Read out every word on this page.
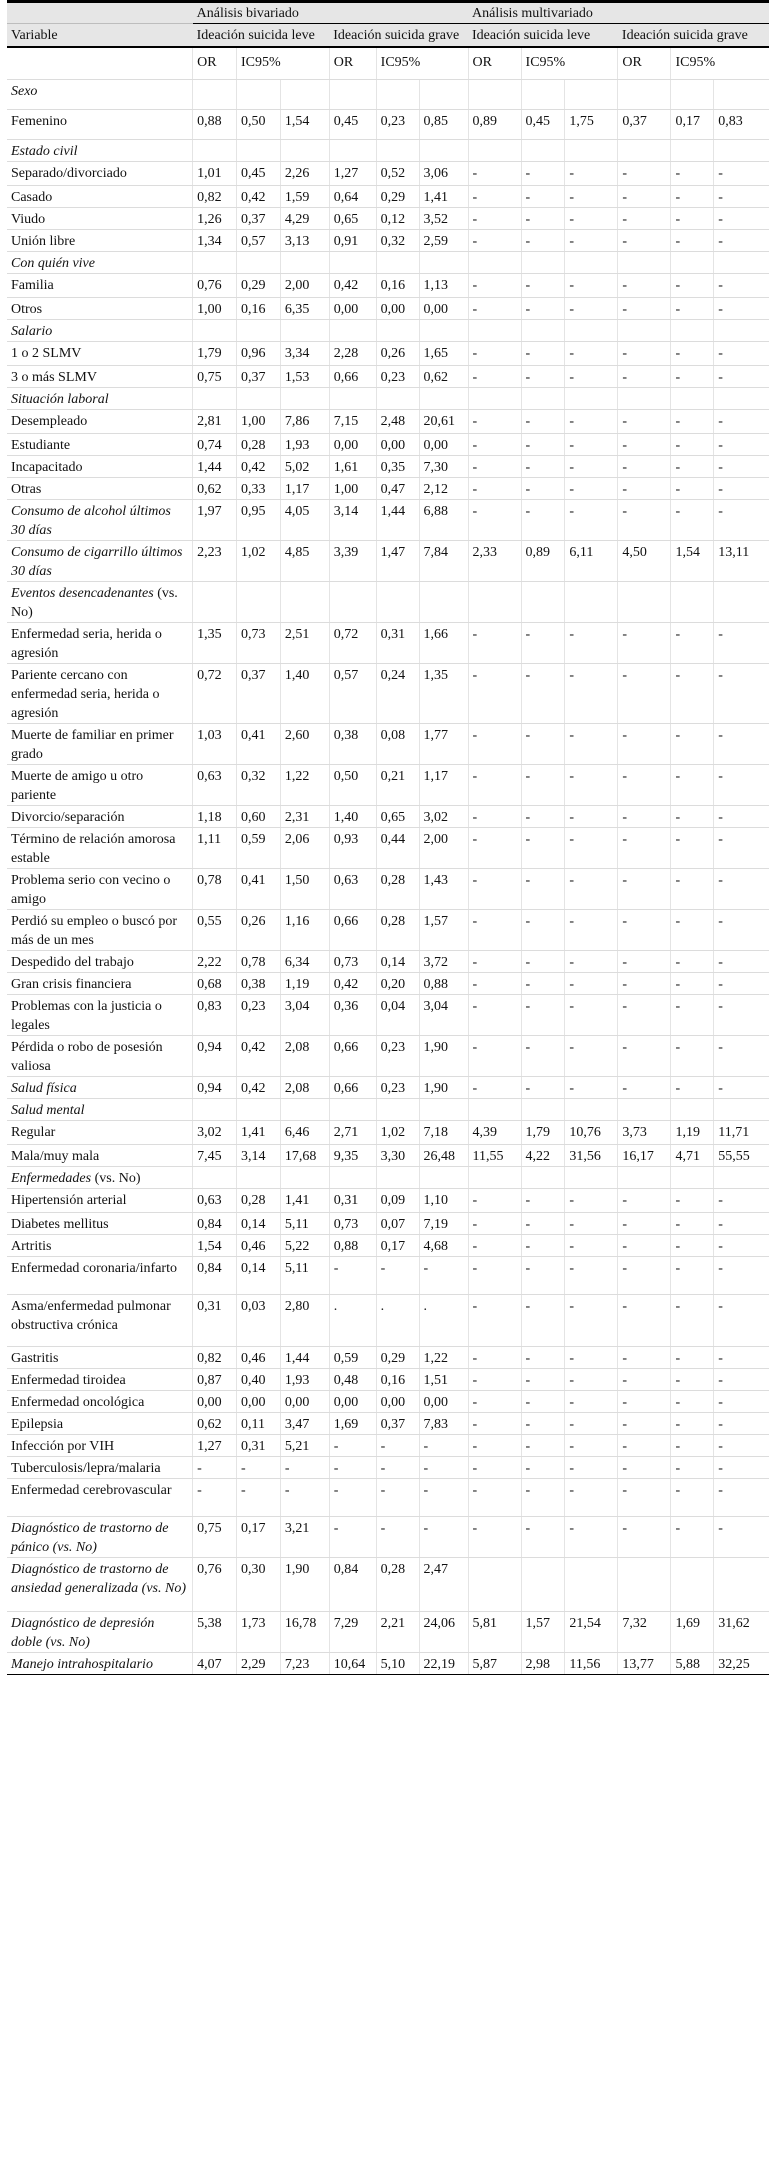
	Análisis bivariado						Análisis multivariado					
Variable	Ideación suicida leve			Ideación suicida grave			Ideación suicida leve			Ideación suicida grave		
	OR	IC95%		OR	IC95%		OR	IC95%		OR	IC95%	
Sexo												
Femenino	0,88	0,50	1,54	0,45	0,23	0,85	0,89	0,45	1,75	0,37	0,17	0,83
Estado civil												
Separado/divorciado	1,01	0,45	2,26	1,27	0,52	3,06	-	-	-	-	-	-
Casado	0,82	0,42	1,59	0,64	0,29	1,41	-	-	-	-	-	-
Viudo	1,26	0,37	4,29	0,65	0,12	3,52	-	-	-	-	-	-
Unión libre	1,34	0,57	3,13	0,91	0,32	2,59	-	-	-	-	-	-
Con quién vive												
Familia	0,76	0,29	2,00	0,42	0,16	1,13	-	-	-	-	-	-
Otros	1,00	0,16	6,35	0,00	0,00	0,00	-	-	-	-	-	-
Salario												
1 o 2 SLMV	1,79	0,96	3,34	2,28	0,26	1,65	-	-	-	-	-	-
3 o más SLMV	0,75	0,37	1,53	0,66	0,23	0,62	-	-	-	-	-	-
Situación laboral												
Desempleado	2,81	1,00	7,86	7,15	2,48	20,61	-	-	-	-	-	-
Estudiante	0,74	0,28	1,93	0,00	0,00	0,00	-	-	-	-	-	-
Incapacitado	1,44	0,42	5,02	1,61	0,35	7,30	-	-	-	-	-	-
Otras	0,62	0,33	1,17	1,00	0,47	2,12	-	-	-	-	-	-
Consumo de alcohol últimos 30 días	1,97	0,95	4,05	3,14	1,44	6,88	-	-	-	-	-	-
Consumo de cigarrillo últimos 30 días	2,23	1,02	4,85	3,39	1,47	7,84	2,33	0,89	6,11	4,50	1,54	13,11
Eventos desencadenantes (vs. No)												
Enfermedad seria, herida o agresión	1,35	0,73	2,51	0,72	0,31	1,66	-	-	-	-	-	-
Pariente cercano con enfermedad seria, herida o agresión	0,72	0,37	1,40	0,57	0,24	1,35	-	-	-	-	-	-
Muerte de familiar en primer grado	1,03	0,41	2,60	0,38	0,08	1,77	-	-	-	-	-	-
Muerte de amigo u otro pariente	0,63	0,32	1,22	0,50	0,21	1,17	-	-	-	-	-	-
Divorcio/separación	1,18	0,60	2,31	1,40	0,65	3,02	-	-	-	-	-	-
Término de relación amorosa estable	1,11	0,59	2,06	0,93	0,44	2,00	-	-	-	-	-	-
Problema serio con vecino o amigo	0,78	0,41	1,50	0,63	0,28	1,43	-	-	-	-	-	-
Perdió su empleo o buscó por más de un mes	0,55	0,26	1,16	0,66	0,28	1,57	-	-	-	-	-	-
Despedido del trabajo	2,22	0,78	6,34	0,73	0,14	3,72	-	-	-	-	-	-
Gran crisis financiera	0,68	0,38	1,19	0,42	0,20	0,88	-	-	-	-	-	-
Problemas con la justicia o legales	0,83	0,23	3,04	0,36	0,04	3,04	-	-	-	-	-	-
Pérdida o robo de posesión valiosa	0,94	0,42	2,08	0,66	0,23	1,90	-	-	-	-	-	-
Salud física	0,94	0,42	2,08	0,66	0,23	1,90	-	-	-	-	-	-
Salud mental												
Regular	3,02	1,41	6,46	2,71	1,02	7,18	4,39	1,79	10,76	3,73	1,19	11,71
Mala/muy mala	7,45	3,14	17,68	9,35	3,30	26,48	11,55	4,22	31,56	16,17	4,71	55,55
Enfermedades (vs. No)												
Hipertensión arterial	0,63	0,28	1,41	0,31	0,09	1,10	-	-	-	-	-	-
Diabetes mellitus	0,84	0,14	5,11	0,73	0,07	7,19	-	-	-	-	-	-
Artritis	1,54	0,46	5,22	0,88	0,17	4,68	-	-	-	-	-	-
Enfermedad coronaria/infarto	0,84	0,14	5,11	-	-	-	-	-	-	-	-	-
Asma/enfermedad pulmonar obstructiva crónica	0,31	0,03	2,80	.	.	.	-	-	-	-	-	-
Gastritis	0,82	0,46	1,44	0,59	0,29	1,22	-	-	-	-	-	-
Enfermedad tiroidea	0,87	0,40	1,93	0,48	0,16	1,51	-	-	-	-	-	-
Enfermedad oncológica	0,00	0,00	0,00	0,00	0,00	0,00	-	-	-	-	-	-
Epilepsia	0,62	0,11	3,47	1,69	0,37	7,83	-	-	-	-	-	-
Infección por VIH	1,27	0,31	5,21	-	-	-	-	-	-	-	-	-
Tuberculosis/lepra/malaria	-	-	-	-	-	-	-	-	-	-	-	-
Enfermedad cerebrovascular	-	-	-	-	-	-	-	-	-	-	-	-
Diagnóstico de trastorno de pánico (vs. No)	0,75	0,17	3,21	-	-	-	-	-	-	-	-	-
Diagnóstico de trastorno de ansiedad generalizada (vs. No)	0,76	0,30	1,90	0,84	0,28	2,47						
Diagnóstico de depresión doble (vs. No)	5,38	1,73	16,78	7,29	2,21	24,06	5,81	1,57	21,54	7,32	1,69	31,62
Manejo intrahospitalario	4,07	2,29	7,23	10,64	5,10	22,19	5,87	2,98	11,56	13,77	5,88	32,25
